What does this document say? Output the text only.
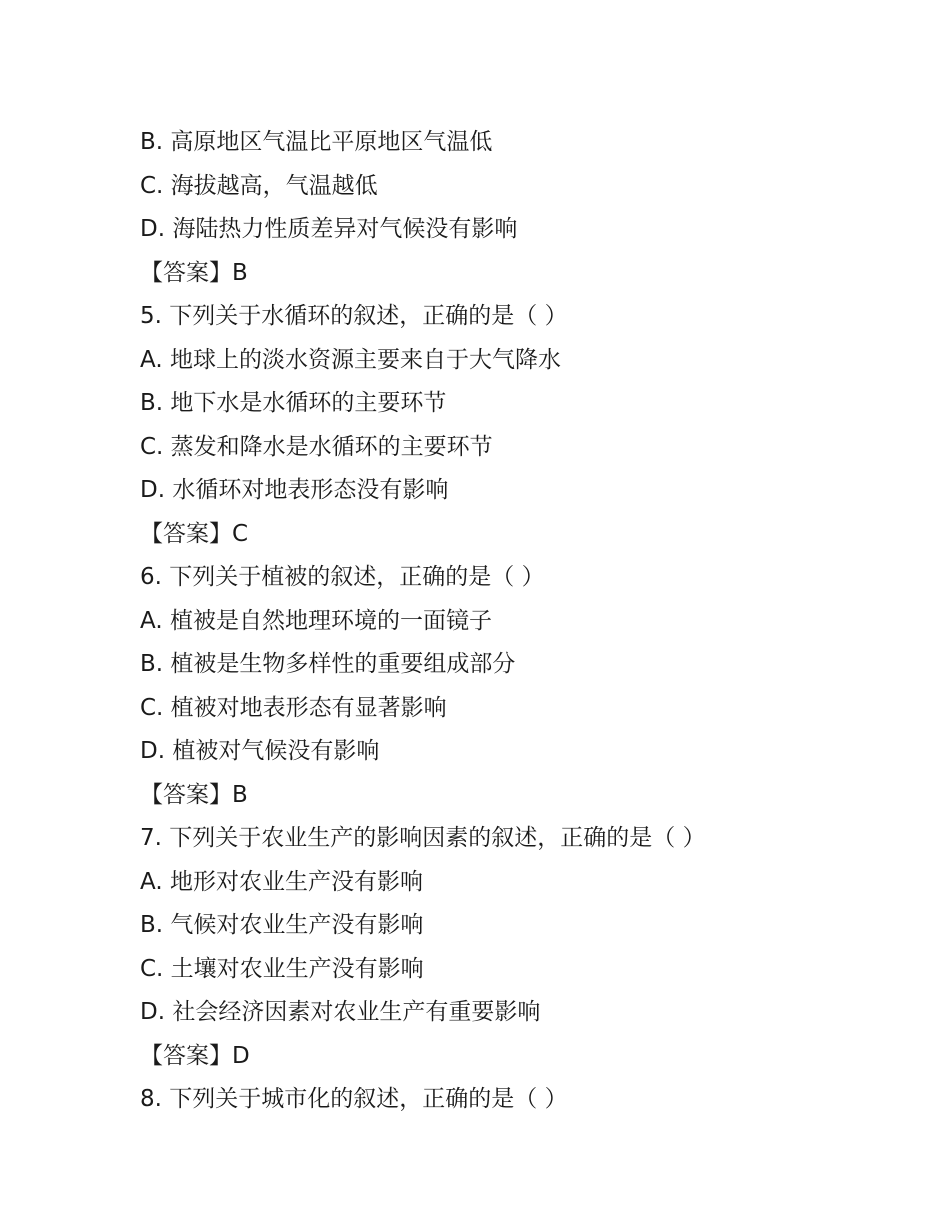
B. 高原地区气温比平原地区气温低
C. 海拔越高，气温越低
D. 海陆热力性质差异对气候没有影响
【答案】B
5. 下列关于水循环的叙述，正确的是（ ）
A. 地球上的淡水资源主要来自于大气降水
B. 地下水是水循环的主要环节
C. 蒸发和降水是水循环的主要环节
D. 水循环对地表形态没有影响
【答案】C
6. 下列关于植被的叙述，正确的是（ ）
A. 植被是自然地理环境的一面镜子
B. 植被是生物多样性的重要组成部分
C. 植被对地表形态有显著影响
D. 植被对气候没有影响
【答案】B
7. 下列关于农业生产的影响因素的叙述，正确的是（ ）
A. 地形对农业生产没有影响
B. 气候对农业生产没有影响
C. 土壤对农业生产没有影响
D. 社会经济因素对农业生产有重要影响
【答案】D
8. 下列关于城市化的叙述，正确的是（ ）
